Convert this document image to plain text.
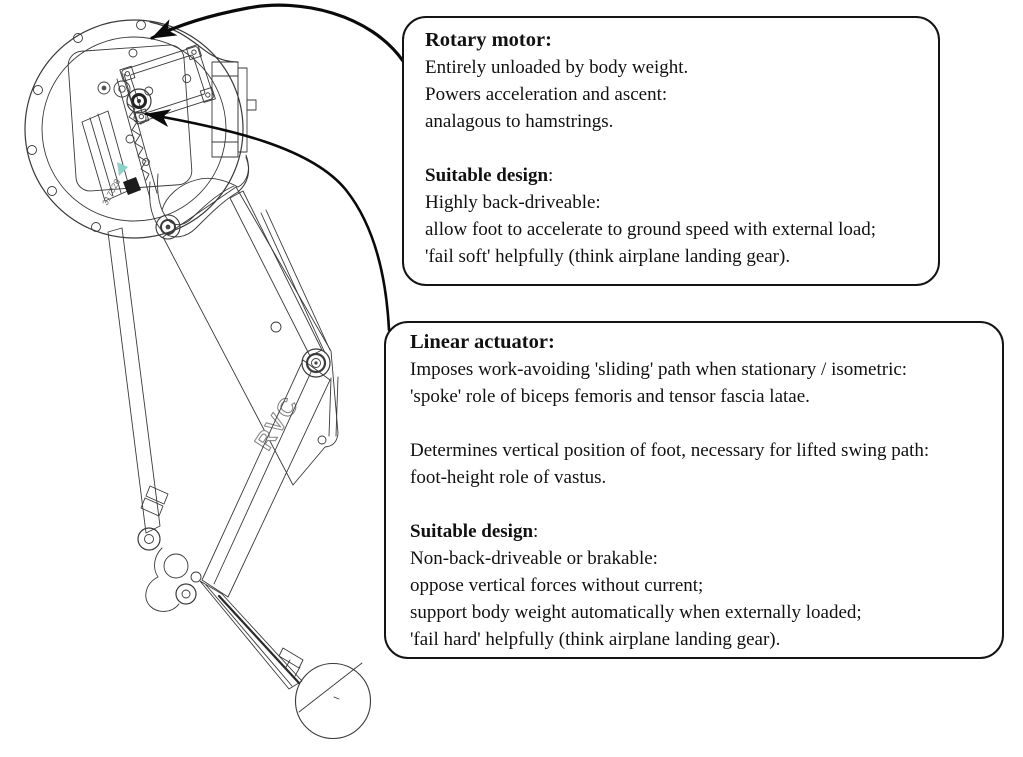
317328
RVC
Rotary motor:
Entirely unloaded by body weight.
Powers acceleration and ascent:
analagous to hamstrings.
Suitable design:
Highly back-driveable:
allow foot to accelerate to ground speed with external load;
'fail soft' helpfully (think airplane landing gear).
Linear actuator:
Imposes work-avoiding 'sliding' path when stationary / isometric:
'spoke' role of biceps femoris and tensor fascia latae.
Determines vertical position of foot, necessary for lifted swing path:
foot-height role of vastus.
Suitable design:
Non-back-driveable or brakable:
oppose vertical forces without current;
support body weight automatically when externally loaded;
'fail hard' helpfully (think airplane landing gear).
